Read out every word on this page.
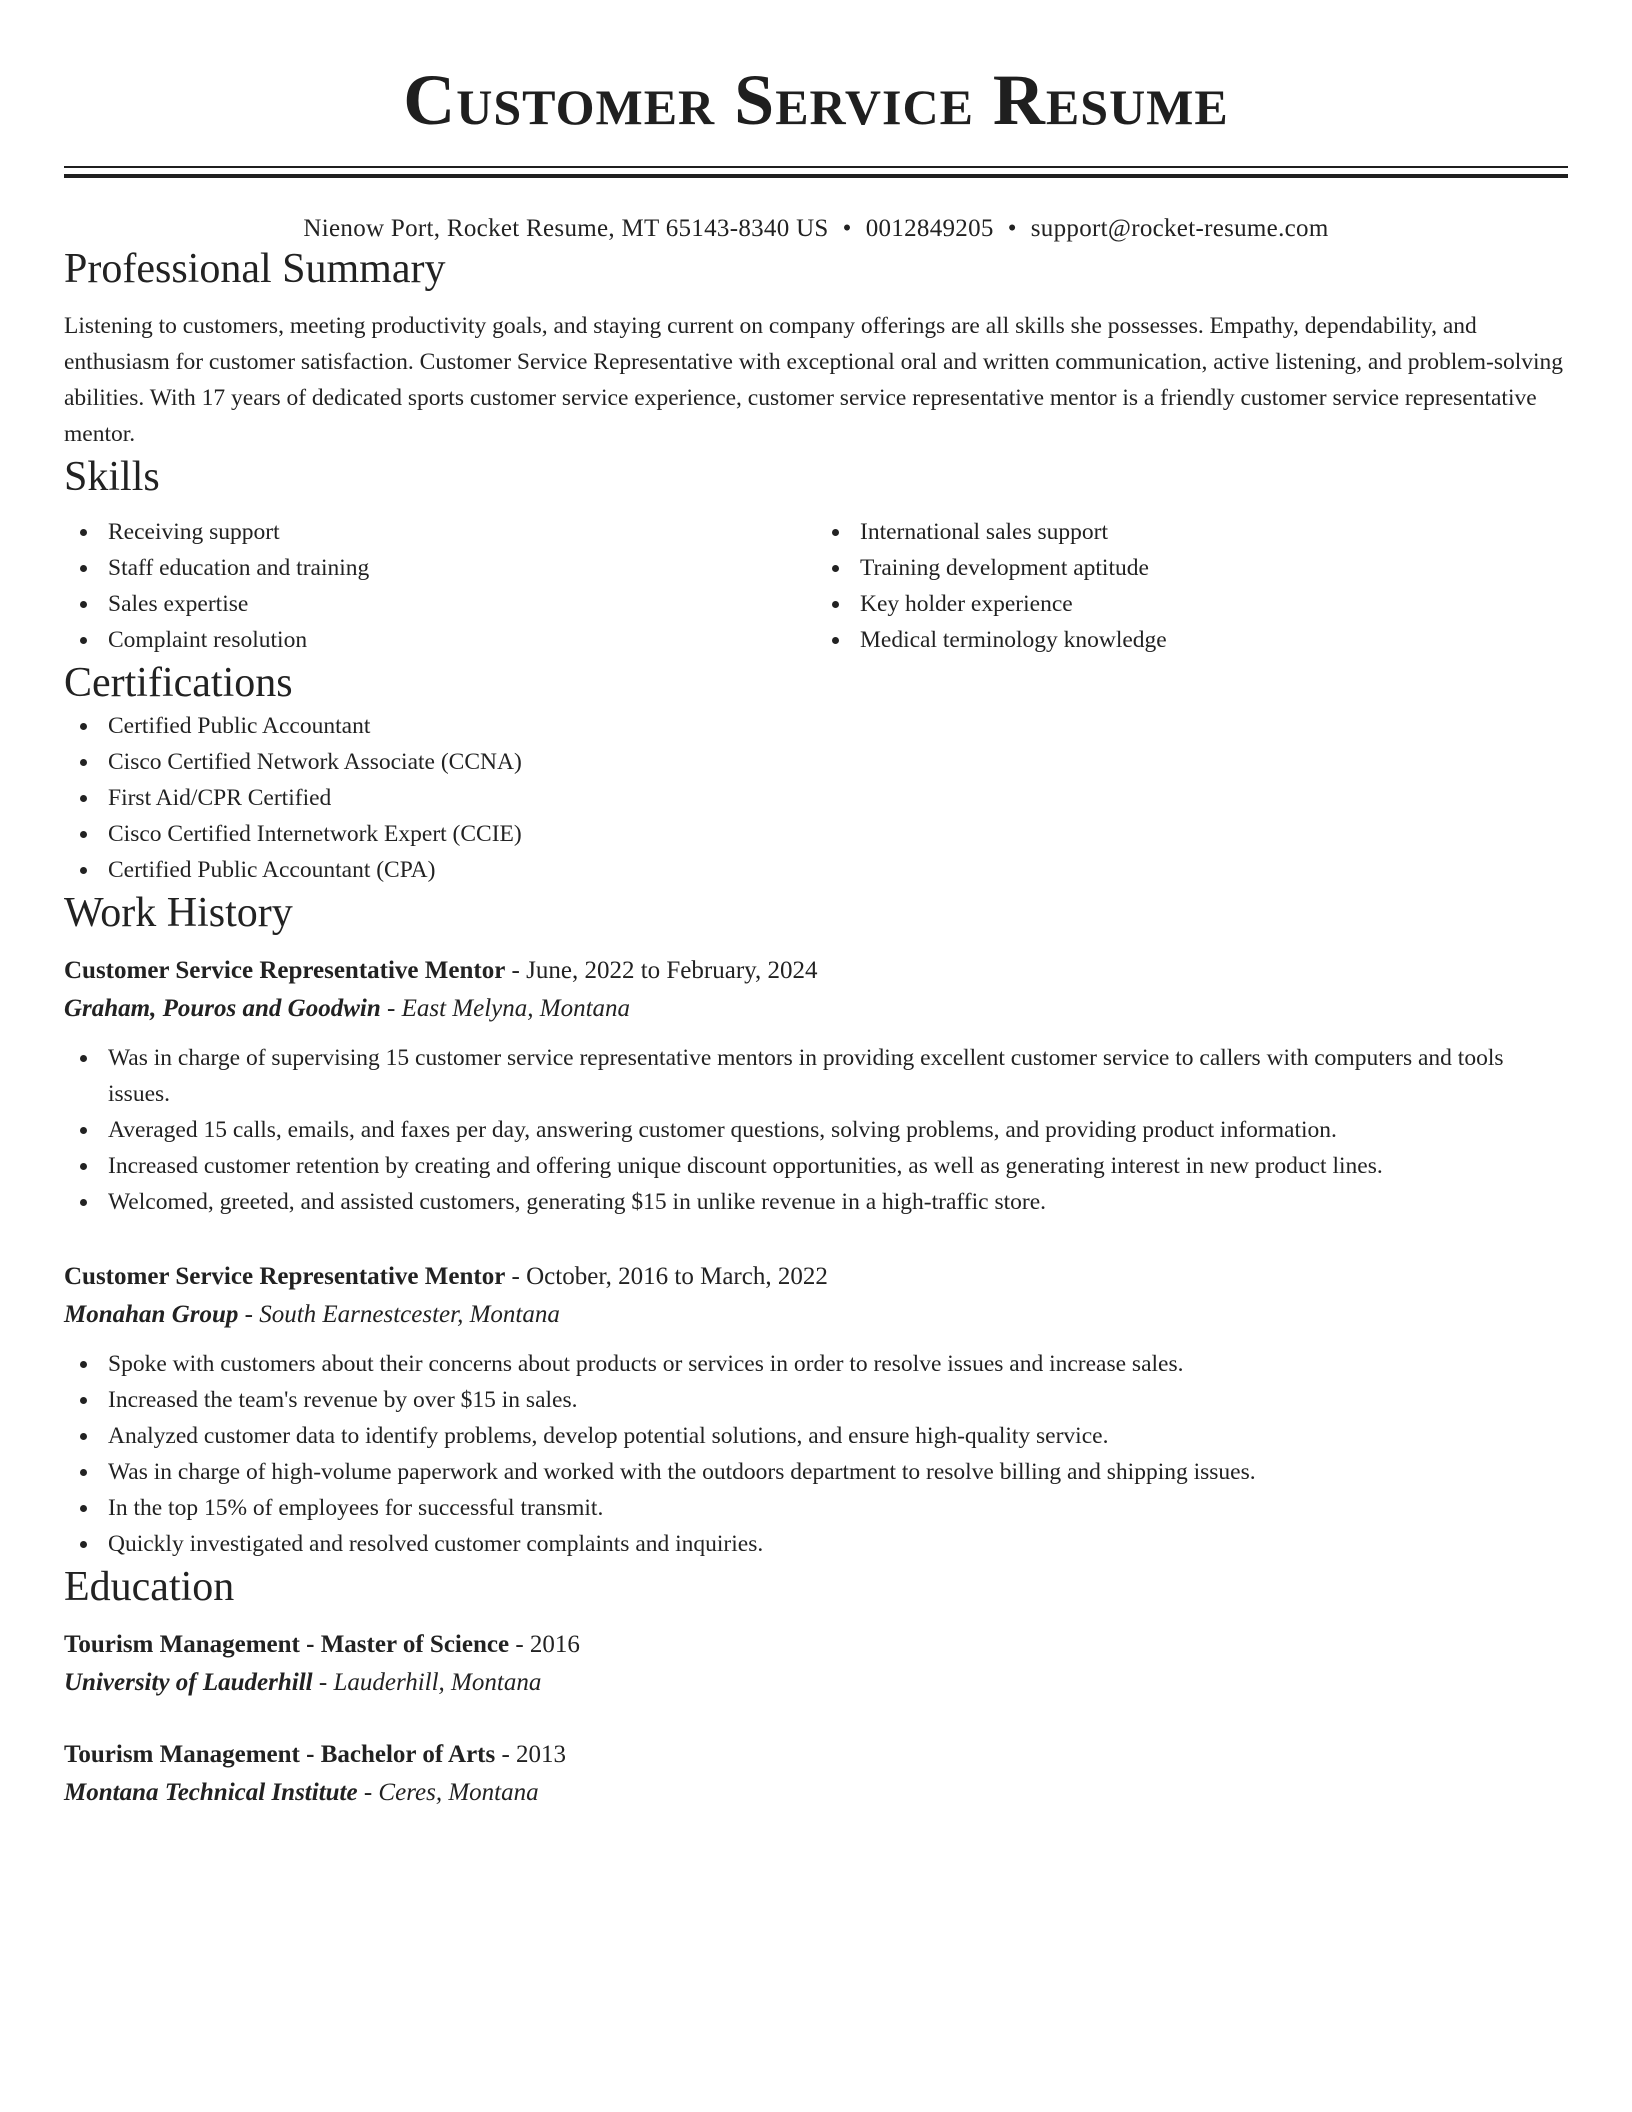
Customer Service Resume
Nienow Port, Rocket Resume, MT 65143-8340 US • 0012849205 • support@rocket-resume.com
Professional Summary

Listening to customers, meeting productivity goals, and staying current on company offerings are all skills she possesses. Empathy, dependability, and enthusiasm for customer satisfaction. Customer Service Representative with exceptional oral and written communication, active listening, and problem-solving abilities. With 17 years of dedicated sports customer service experience, customer service representative mentor is a friendly customer service representative mentor.

Skills
Receiving support
Staff education and training
Sales expertise
Complaint resolution
International sales support
Training development aptitude
Key holder experience
Medical terminology knowledge
Certifications
Certified Public Accountant
Cisco Certified Network Associate (CCNA)
First Aid/CPR Certified
Cisco Certified Internetwork Expert (CCIE)
Certified Public Accountant (CPA)
Work History
Customer Service Representative Mentor - June, 2022 to February, 2024
Graham, Pouros and Goodwin - East Melyna, Montana
Was in charge of supervising 15 customer service representative mentors in providing excellent customer service to callers with computers and tools issues.
Averaged 15 calls, emails, and faxes per day, answering customer questions, solving problems, and providing product information.
Increased customer retention by creating and offering unique discount opportunities, as well as generating interest in new product lines.
Welcomed, greeted, and assisted customers, generating $15 in unlike revenue in a high-traffic store.
Customer Service Representative Mentor - October, 2016 to March, 2022
Monahan Group - South Earnestcester, Montana
Spoke with customers about their concerns about products or services in order to resolve issues and increase sales.
Increased the team's revenue by over $15 in sales.
Analyzed customer data to identify problems, develop potential solutions, and ensure high-quality service.
Was in charge of high-volume paperwork and worked with the outdoors department to resolve billing and shipping issues.
In the top 15% of employees for successful transmit.
Quickly investigated and resolved customer complaints and inquiries.
Education
Tourism Management - Master of Science - 2016
University of Lauderhill - Lauderhill, Montana
Tourism Management - Bachelor of Arts - 2013
Montana Technical Institute - Ceres, Montana
